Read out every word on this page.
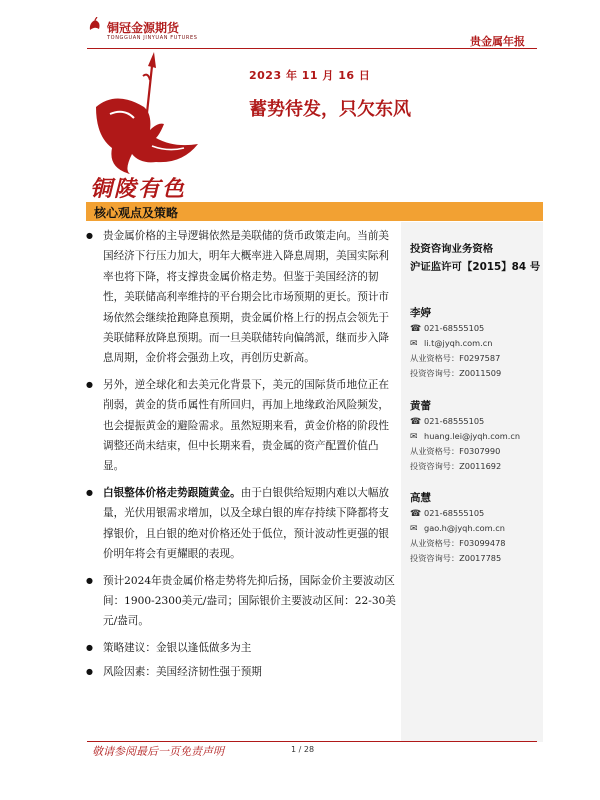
铜冠金源期货
TONGGUAN JINYUAN FUTURES	贵金属年报
铜陵有色
2023 年 11 月 16 日
蓄势待发，只欠东风
核心观点及策略
投资咨询业务资格
沪证监许可【2015】84 号
李婷
☎ 021-68555105
✉ li.t@jyqh.com.cn
从业资格号：F0297587
投资咨询号：Z0011509
黄蕾
☎ 021-68555105
✉ huang.lei@jyqh.com.cn
从业资格号：F0307990
投资咨询号：Z0011692
高慧
☎ 021-68555105
✉ gao.h@jyqh.com.cn
从业资格号：F03099478
投资咨询号：Z0017785

● 贵金属价格的主导逻辑依然是美联储的货币政策走向。当前美国经济下行压力加大，明年大概率进入降息周期，美国实际利率也将下降，将支撑贵金属价格走势。但鉴于美国经济的韧性，美联储高利率维持的平台期会比市场预期的更长。预计市场依然会继续抢跑降息预期，贵金属价格上行的拐点会领先于美联储释放降息预期。而一旦美联储转向偏鸽派，继而步入降息周期，金价将会强劲上攻，再创历史新高。

● 另外，逆全球化和去美元化背景下，美元的国际货币地位正在削弱，黄金的货币属性有所回归，再加上地缘政治风险频发，也会提振黄金的避险需求。虽然短期来看，黄金价格的阶段性调整还尚未结束，但中长期来看，贵金属的资产配置价值凸显。

● 白银整体价格走势跟随黄金。由于白银供给短期内难以大幅放量，光伏用银需求增加，以及全球白银的库存持续下降都将支撑银价，且白银的绝对价格还处于低位，预计波动性更强的银价明年将会有更耀眼的表现。

● 预计2024年贵金属价格走势将先抑后扬，国际金价主要波动区间：1900-2300美元/盎司；国际银价主要波动区间：22-30美元/盎司。

● 策略建议：金银以逢低做多为主

● 风险因素：美国经济韧性强于预期

敬请参阅最后一页免责声明	1 / 28
